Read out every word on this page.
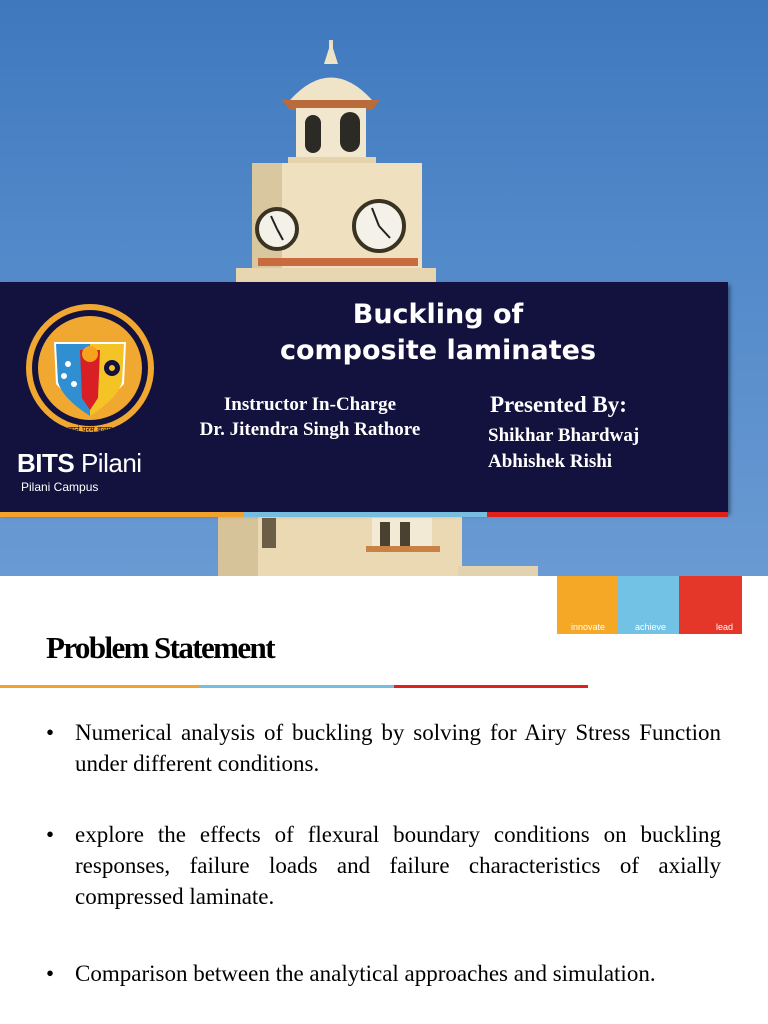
ज्ञानं परमं बलम्
BITS Pilani
Pilani Campus
Buckling of
composite laminates
Instructor In-Charge
Dr. Jitendra Singh Rathore
Presented By:
Shikhar Bhardwaj
Abhishek Rishi
innovate	achieve	lead
Problem Statement
• Numerical analysis of buckling by solving for Airy Stress Function under different conditions.
• explore the effects of flexural boundary conditions on buckling responses, failure loads and failure characteristics of axially compressed laminate.
• Comparison between the analytical approaches and simulation.
